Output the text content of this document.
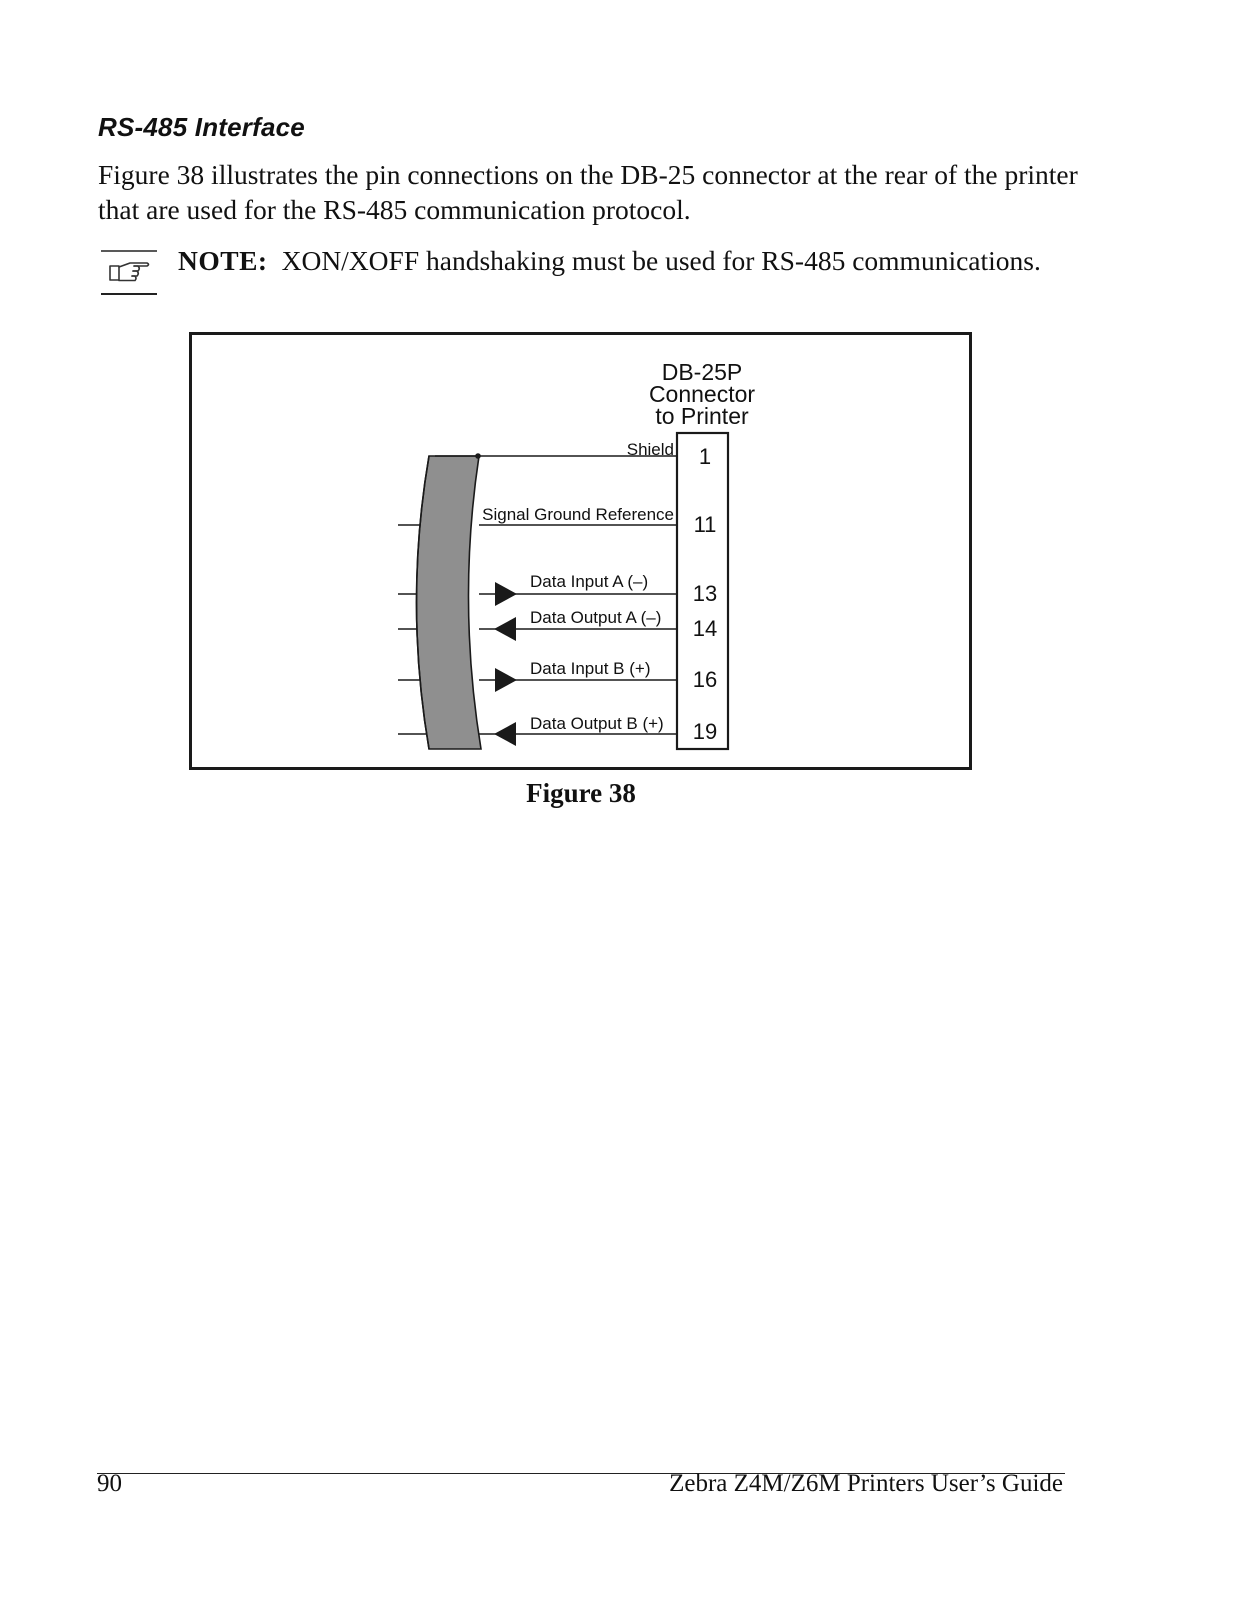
RS-485 Interface

Figure 38 illustrates the pin connections on the DB-25 connector at the rear of the printer that are used for the RS-485 communication protocol.

NOTE: XON/XOFF handshaking must be used for RS-485 communications.

DB-25P
Connector
to Printer
Shield
Signal Ground Reference
Data Input A (–)
Data Output A (–)
Data Input B (+)
Data Output B (+)
1
11
13
14
16
19

Figure 38

90	Zebra Z4M/Z6M Printers User’s Guide
